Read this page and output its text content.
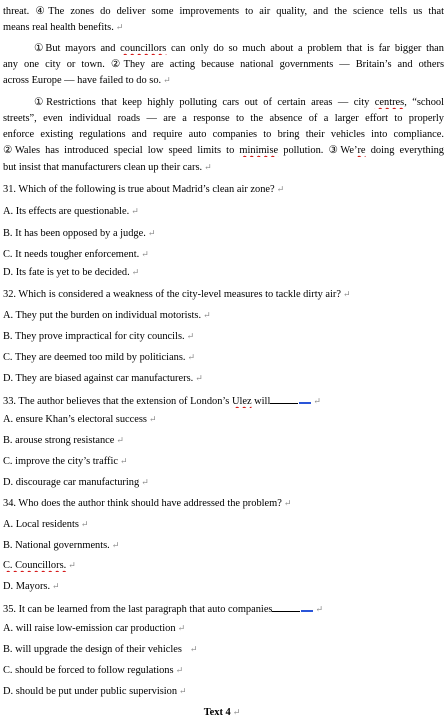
threat. ④The zones do deliver some improvements to air quality, and the science tells us that
means real health benefits. ↵
①But mayors and councillors can only do so much about a problem that is far bigger than
any one city or town. ②They are acting because national governments — Britain’s and others
across Europe — have failed to do so. ↵
①Restrictions that keep highly polluting cars out of certain areas — city centres, “school
streets”, even individual roads — are a response to the absence of a larger effort to properly
enforce existing regulations and require auto companies to bring their vehicles into compliance.
②Wales has introduced special low speed limits to minimise pollution. ③We’re doing everything
but insist that manufacturers clean up their cars. ↵
31. Which of the following is true about Madrid’s clean air zone? ↵
A. Its effects are questionable. ↵
B. It has been opposed by a judge. ↵
C. It needs tougher enforcement. ↵
D. Its fate is yet to be decided. ↵
32. Which is considered a weakness of the city-level measures to tackle dirty air? ↵
A. They put the burden on individual motorists. ↵
B. They prove impractical for city councils. ↵
C. They are deemed too mild by politicians. ↵
D. They are biased against car manufacturers. ↵
33. The author believes that the extension of London’s Ulez will	↵
A. ensure Khan’s electoral success ↵
B. arouse strong resistance ↵
C. improve the city’s traffic ↵
D. discourage car manufacturing ↵
34. Who does the author think should have addressed the problem? ↵
A. Local residents ↵
B. National governments. ↵
C. Councillors. ↵
D. Mayors. ↵
35. It can be learned from the last paragraph that auto companies	↵
A. will raise low-emission car production ↵
B. will upgrade the design of their vehicles ↵
C. should be forced to follow regulations ↵
D. should be put under public supervision ↵
Text 4 ↵
